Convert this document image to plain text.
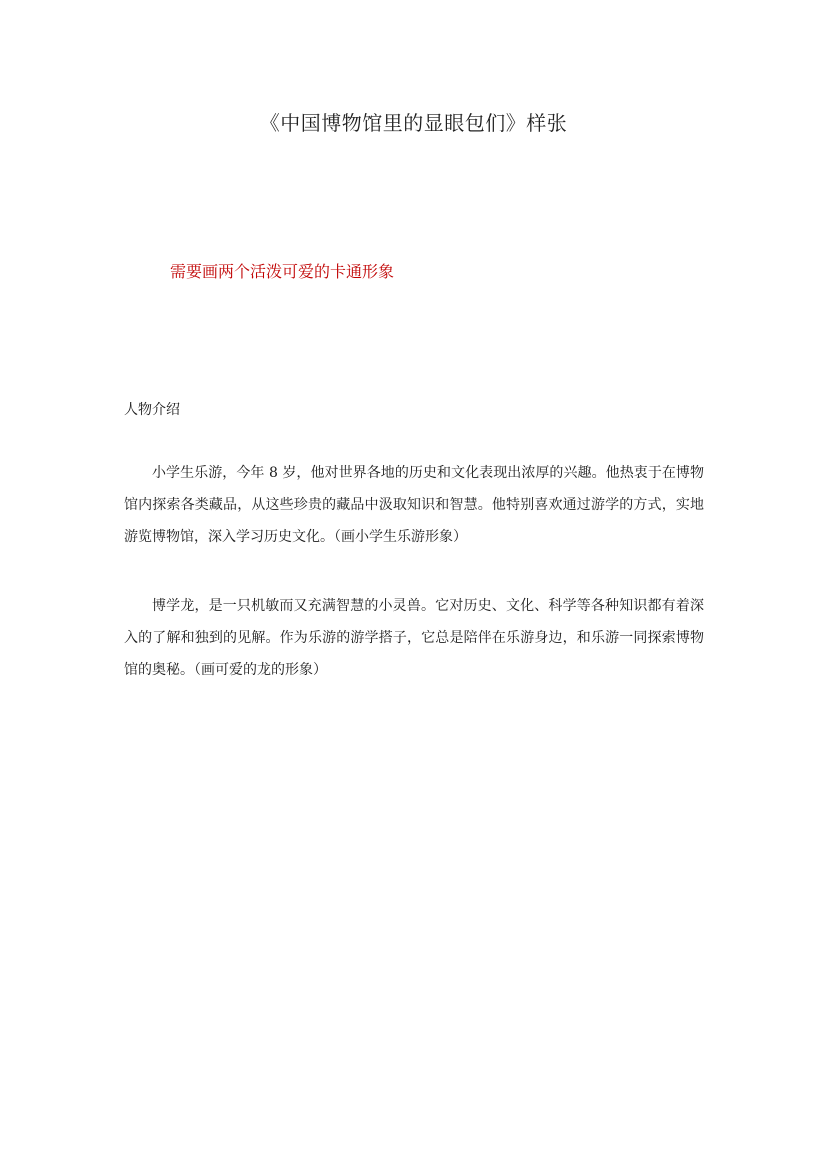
《中国博物馆里的显眼包们》样张
需要画两个活泼可爱的卡通形象
人物介绍

小学生乐游，今年 8 岁，他对世界各地的历史和文化表现出浓厚的兴趣。他热衷于在博物馆内探索各类藏品，从这些珍贵的藏品中汲取知识和智慧。他特别喜欢通过游学的方式，实地游览博物馆，深入学习历史文化。（画小学生乐游形象）

博学龙，是一只机敏而又充满智慧的小灵兽。它对历史、文化、科学等各种知识都有着深入的了解和独到的见解。作为乐游的游学搭子，它总是陪伴在乐游身边，和乐游一同探索博物馆的奥秘。（画可爱的龙的形象）
